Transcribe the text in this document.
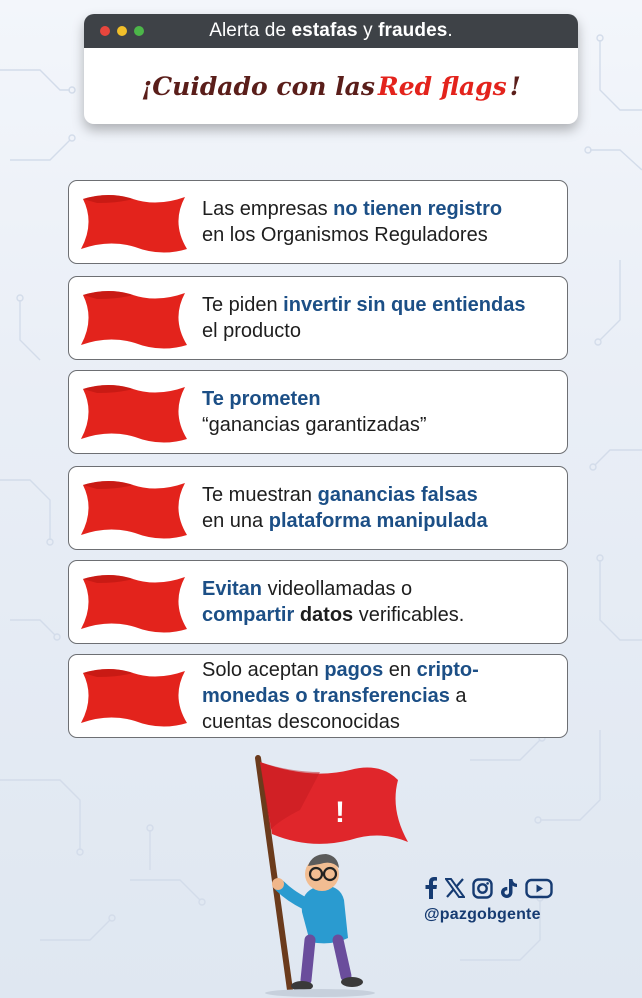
Alerta de estafas y fraudes.
¡Cuidado con las Red flags !
Las empresas no tienen registro
en los Organismos Reguladores
Te piden invertir sin que entiendas
el producto
Te prometen
“ganancias garantizadas”
Te muestran ganancias falsas
en una plataforma manipulada
Evitan videollamadas o
compartir datos verificables.
Solo aceptan pagos en cripto-
monedas o transferencias a
cuentas desconocidas
!
@pazgobgente
